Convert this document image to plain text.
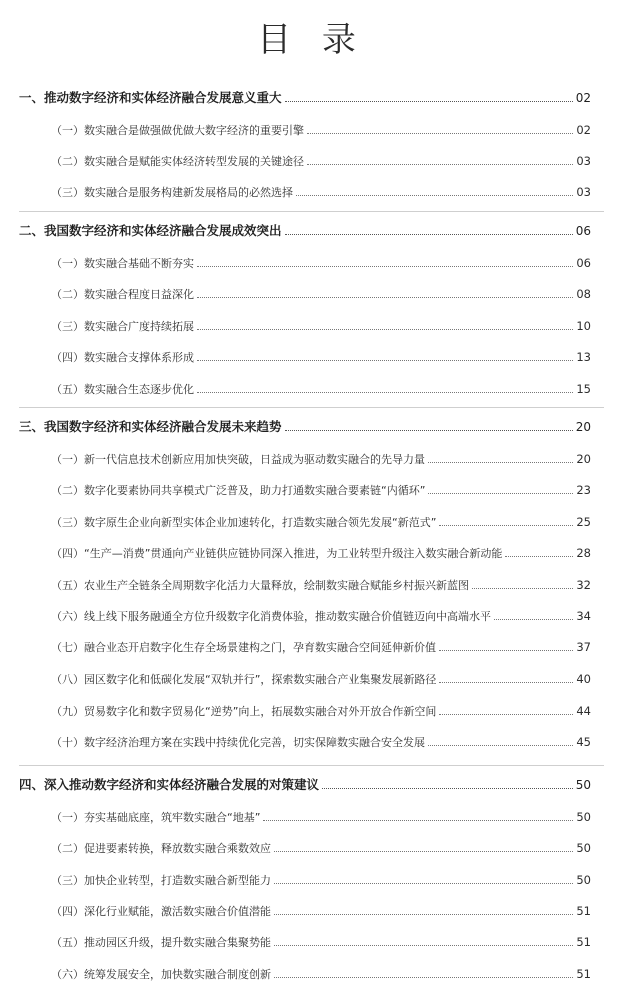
目 录
一、推动数字经济和实体经济融合发展意义重大	02
（一）数实融合是做强做优做大数字经济的重要引擎	02
（二）数实融合是赋能实体经济转型发展的关键途径	03
（三）数实融合是服务构建新发展格局的必然选择	03
二、我国数字经济和实体经济融合发展成效突出	06
（一）数实融合基础不断夯实	06
（二）数实融合程度日益深化	08
（三）数实融合广度持续拓展	10
（四）数实融合支撑体系形成	13
（五）数实融合生态逐步优化	15
三、我国数字经济和实体经济融合发展未来趋势	20
（一）新一代信息技术创新应用加快突破，日益成为驱动数实融合的先导力量	20
（二）数字化要素协同共享模式广泛普及，助力打通数实融合要素链“内循环”	23
（三）数字原生企业向新型实体企业加速转化，打造数实融合领先发展“新范式”	25
（四）“生产—消费”贯通向产业链供应链协同深入推进，为工业转型升级注入数实融合新动能	28
（五）农业生产全链条全周期数字化活力大量释放，绘制数实融合赋能乡村振兴新蓝图	32
（六）线上线下服务融通全方位升级数字化消费体验，推动数实融合价值链迈向中高端水平	34
（七）融合业态开启数字化生存全场景建构之门，孕育数实融合空间延伸新价值	37
（八）园区数字化和低碳化发展“双轨并行”，探索数实融合产业集聚发展新路径	40
（九）贸易数字化和数字贸易化“逆势”向上，拓展数实融合对外开放合作新空间	44
（十）数字经济治理方案在实践中持续优化完善，切实保障数实融合安全发展	45
四、深入推动数字经济和实体经济融合发展的对策建议	50
（一）夯实基础底座，筑牢数实融合“地基”	50
（二）促进要素转换，释放数实融合乘数效应	50
（三）加快企业转型，打造数实融合新型能力	50
（四）深化行业赋能，激活数实融合价值潜能	51
（五）推动园区升级，提升数实融合集聚势能	51
（六）统筹发展安全，加快数实融合制度创新	51
